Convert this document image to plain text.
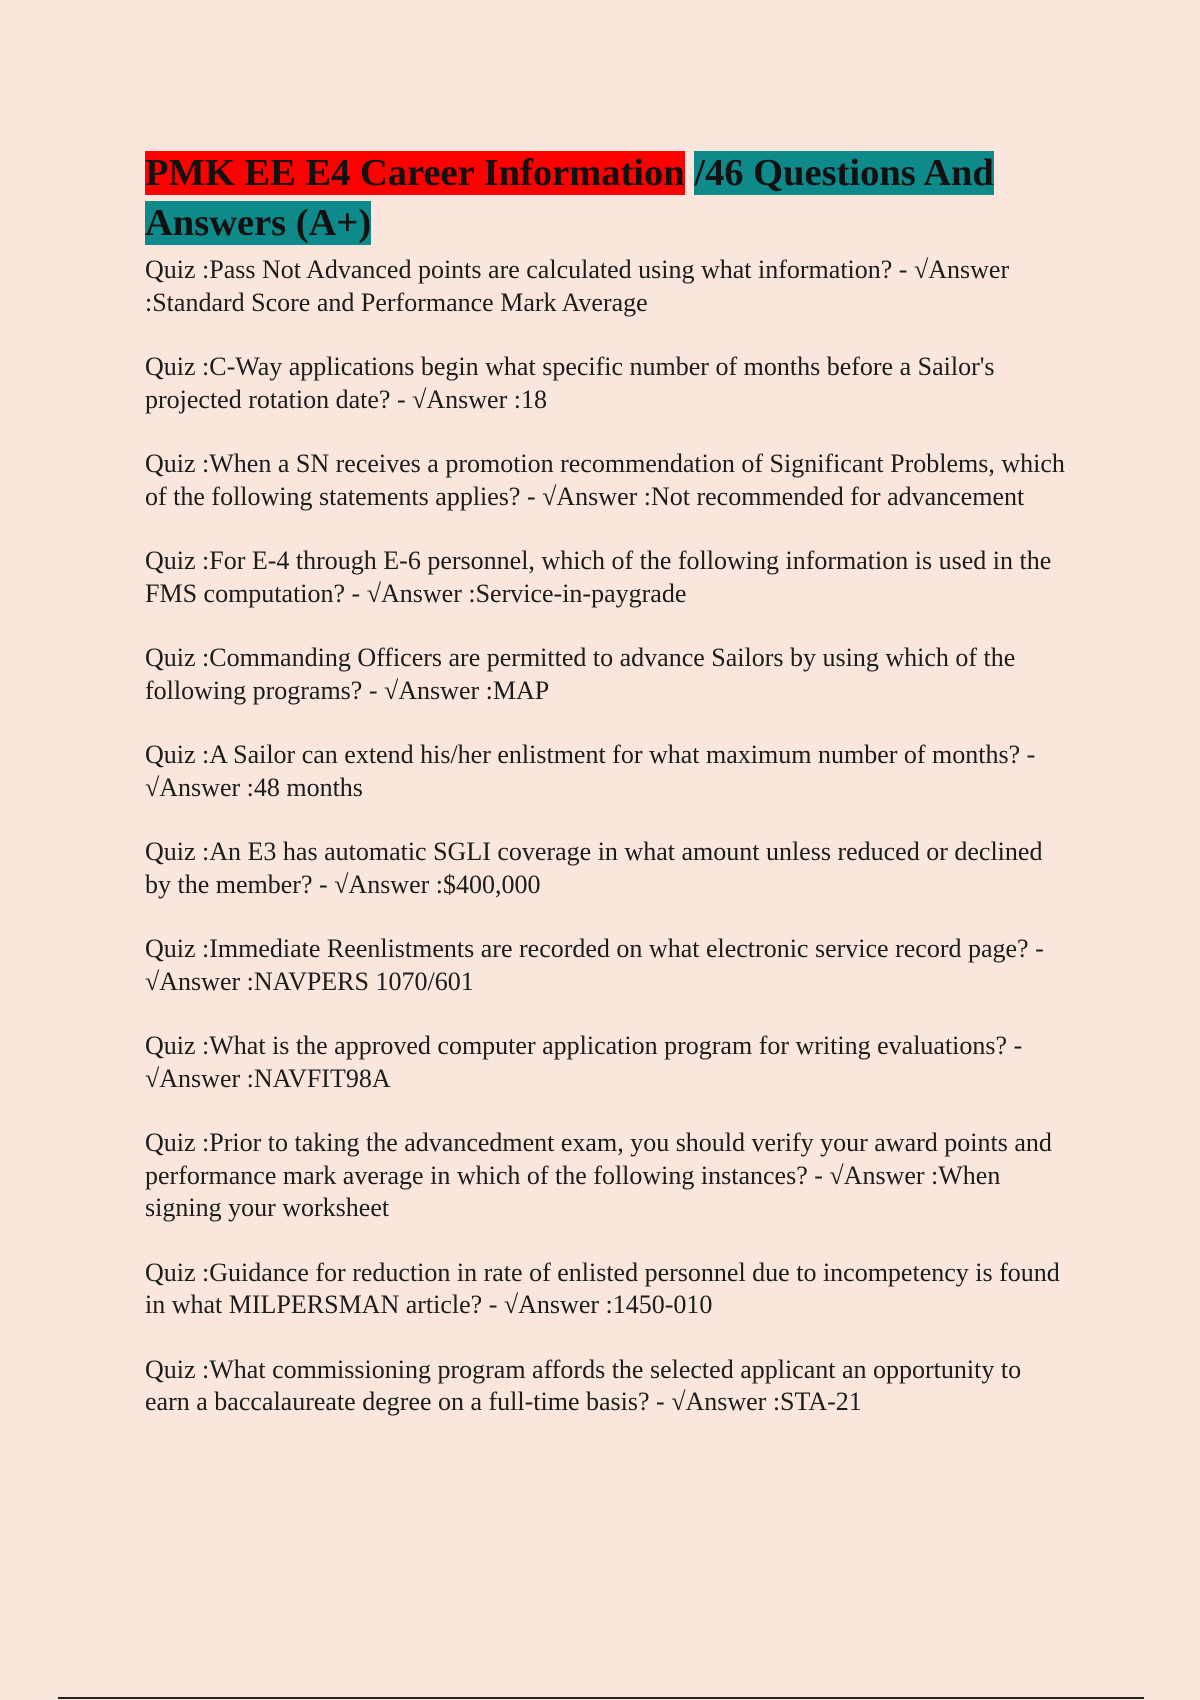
PMK EE E4 Career Information /46 Questions And
Answers (A+)

Quiz :Pass Not Advanced points are calculated using what information? - √Answer :Standard Score and Performance Mark Average

Quiz :C-Way applications begin what specific number of months before a Sailor's projected rotation date? - √Answer :18

Quiz :When a SN receives a promotion recommendation of Significant Problems, which of the following statements applies? - √Answer :Not recommended for advancement

Quiz :For E-4 through E-6 personnel, which of the following information is used in the FMS computation? - √Answer :Service-in-paygrade

Quiz :Commanding Officers are permitted to advance Sailors by using which of the following programs? - √Answer :MAP

Quiz :A Sailor can extend his/her enlistment for what maximum number of months? - √Answer :48 months

Quiz :An E3 has automatic SGLI coverage in what amount unless reduced or declined by the member? - √Answer :$400,000

Quiz :Immediate Reenlistments are recorded on what electronic service record page? - √Answer :NAVPERS 1070/601

Quiz :What is the approved computer application program for writing evaluations? - √Answer :NAVFIT98A

Quiz :Prior to taking the advancedment exam, you should verify your award points and performance mark average in which of the following instances? - √Answer :When signing your worksheet

Quiz :Guidance for reduction in rate of enlisted personnel due to incompetency is found in what MILPERSMAN article? - √Answer :1450-010

Quiz :What commissioning program affords the selected applicant an opportunity to earn a baccalaureate degree on a full-time basis? - √Answer :STA-21
